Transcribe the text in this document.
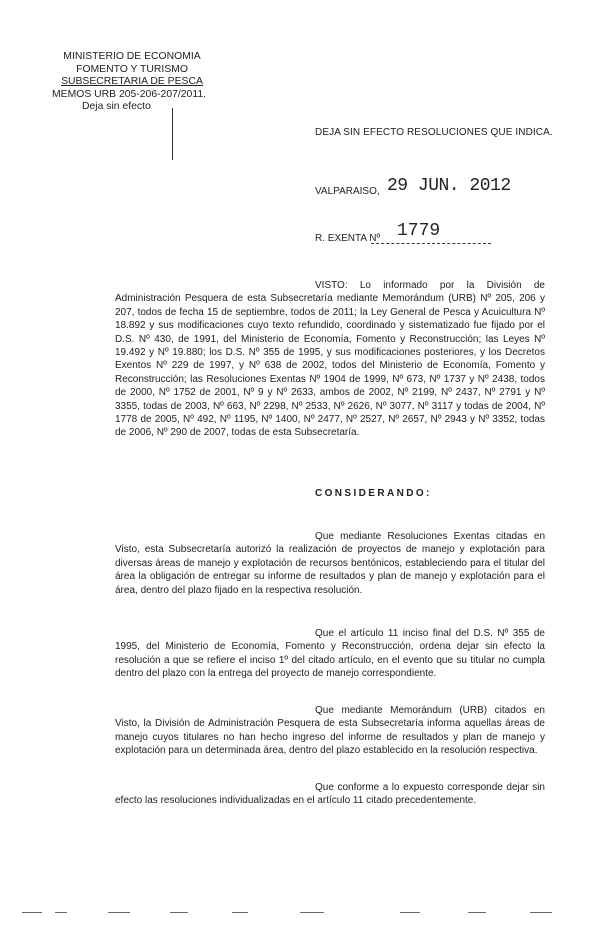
MINISTERIO DE ECONOMIA
FOMENTO Y TURISMO
SUBSECRETARIA DE PESCA
MEMOS URB 205-206-207/2011.
Deja sin efecto
DEJA SIN EFECTO RESOLUCIONES QUE INDICA.
VALPARAISO, 29 JUN. 2012
R. EXENTA Nº 1779
VISTO: Lo informado por la División de Administración Pesquera de esta Subsecretaría mediante Memorándum (URB) Nº 205, 206 y 207, todos de fecha 15 de septiembre, todos de 2011; la Ley General de Pesca y Acuicultura Nº 18.892 y sus modificaciones cuyo texto refundido, coordinado y sistematizado fue fijado por el D.S. Nº 430, de 1991, del Ministerio de Economía, Fomento y Reconstrucción; las Leyes Nº 19.492 y Nº 19.880; los D.S. Nº 355 de 1995, y sus modificaciones posteriores, y los Decretos Exentos Nº 229 de 1997, y Nº 638 de 2002, todos del Ministerio de Economía, Fomento y Reconstrucción; las Resoluciones Exentas Nº 1904 de 1999, Nº 673, Nº 1737 y Nº 2438, todos de 2000, Nº 1752 de 2001, Nº 9 y Nº 2633, ambos de 2002, Nº 2199, Nº 2437, Nº 2791 y Nº 3355, todas de 2003, Nº 663, Nº 2298, Nº 2533, Nº 2626, Nº 3077, Nº 3117 y todas de 2004, Nº 1778 de 2005, Nº 492, Nº 1195, Nº 1400, Nº 2477, Nº 2527, Nº 2657, Nº 2943 y Nº 3352, todas de 2006, Nº 290 de 2007, todas de esta Subsecretaría.
CONSIDERANDO:
Que mediante Resoluciones Exentas citadas en Visto, esta Subsecretaría autorizó la realización de proyectos de manejo y explotación para diversas áreas de manejo y explotación de recursos bentónicos, estableciendo para el titular del área la obligación de entregar su informe de resultados y plan de manejo y explotación para el área, dentro del plazo fijado en la respectiva resolución.
Que el artículo 11 inciso final del D.S. Nº 355 de 1995, del Ministerio de Economía, Fomento y Reconstrucción, ordena dejar sin efecto la resolución a que se refiere el inciso 1º del citado artículo, en el evento que su titular no cumpla dentro del plazo con la entrega del proyecto de manejo correspondiente.
Que mediante Memorándum (URB) citados en Visto, la División de Administración Pesquera de esta Subsecretaría informa aquellas áreas de manejo cuyos titulares no han hecho ingreso del informe de resultados y plan de manejo y explotación para un determinada área, dentro del plazo establecido en la resolución respectiva.
Que conforme a lo expuesto corresponde dejar sin efecto las resoluciones individualizadas en el artículo 11 citado precedentemente.
